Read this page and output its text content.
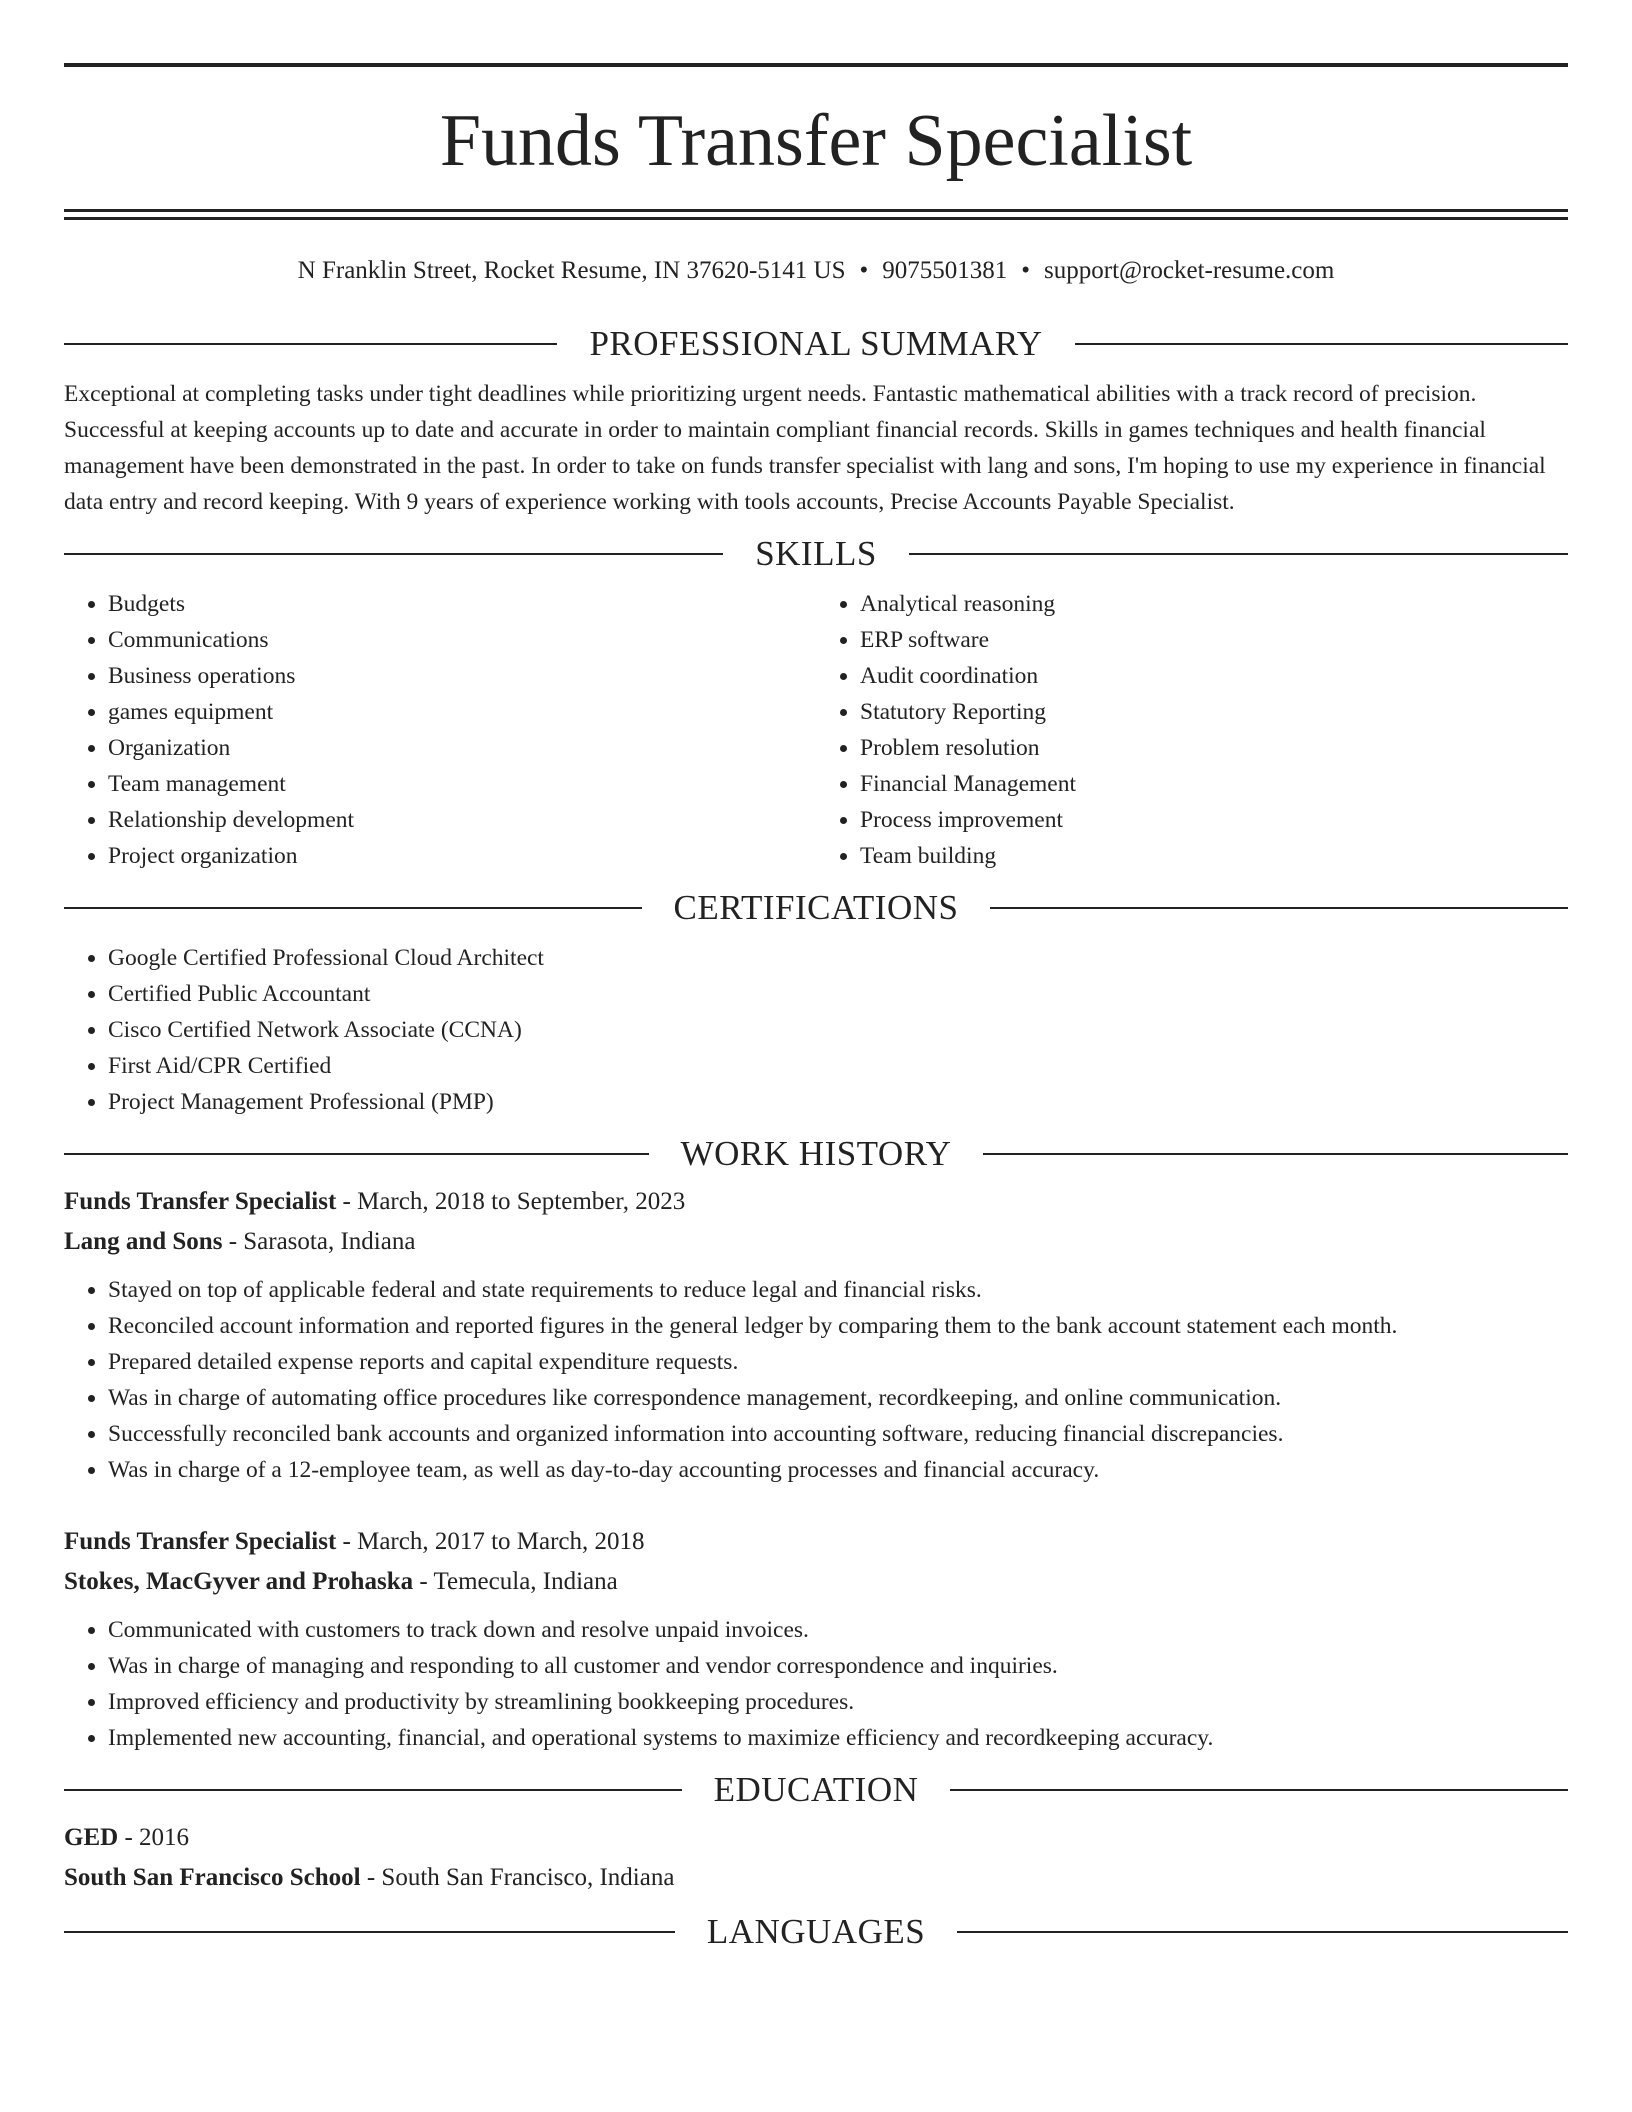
Funds Transfer Specialist
N Franklin Street, Rocket Resume, IN 37620-5141 US • 9075501381 • support@rocket-resume.com
PROFESSIONAL SUMMARY

Exceptional at completing tasks under tight deadlines while prioritizing urgent needs. Fantastic mathematical abilities with a track record of precision. Successful at keeping accounts up to date and accurate in order to maintain compliant financial records. Skills in games techniques and health financial management have been demonstrated in the past. In order to take on funds transfer specialist with lang and sons, I'm hoping to use my experience in financial data entry and record keeping. With 9 years of experience working with tools accounts, Precise Accounts Payable Specialist.

SKILLS
• Budgets
• Communications
• Business operations
• games equipment
• Organization
• Team management
• Relationship development
• Project organization
• Analytical reasoning
• ERP software
• Audit coordination
• Statutory Reporting
• Problem resolution
• Financial Management
• Process improvement
• Team building
CERTIFICATIONS
• Google Certified Professional Cloud Architect
• Certified Public Accountant
• Cisco Certified Network Associate (CCNA)
• First Aid/CPR Certified
• Project Management Professional (PMP)
WORK HISTORY
Funds Transfer Specialist - March, 2018 to September, 2023
Lang and Sons - Sarasota, Indiana
• Stayed on top of applicable federal and state requirements to reduce legal and financial risks.
• Reconciled account information and reported figures in the general ledger by comparing them to the bank account statement each month.
• Prepared detailed expense reports and capital expenditure requests.
• Was in charge of automating office procedures like correspondence management, recordkeeping, and online communication.
• Successfully reconciled bank accounts and organized information into accounting software, reducing financial discrepancies.
• Was in charge of a 12-employee team, as well as day-to-day accounting processes and financial accuracy.
Funds Transfer Specialist - March, 2017 to March, 2018
Stokes, MacGyver and Prohaska - Temecula, Indiana
• Communicated with customers to track down and resolve unpaid invoices.
• Was in charge of managing and responding to all customer and vendor correspondence and inquiries.
• Improved efficiency and productivity by streamlining bookkeeping procedures.
• Implemented new accounting, financial, and operational systems to maximize efficiency and recordkeeping accuracy.
EDUCATION
GED - 2016
South San Francisco School - South San Francisco, Indiana
LANGUAGES
